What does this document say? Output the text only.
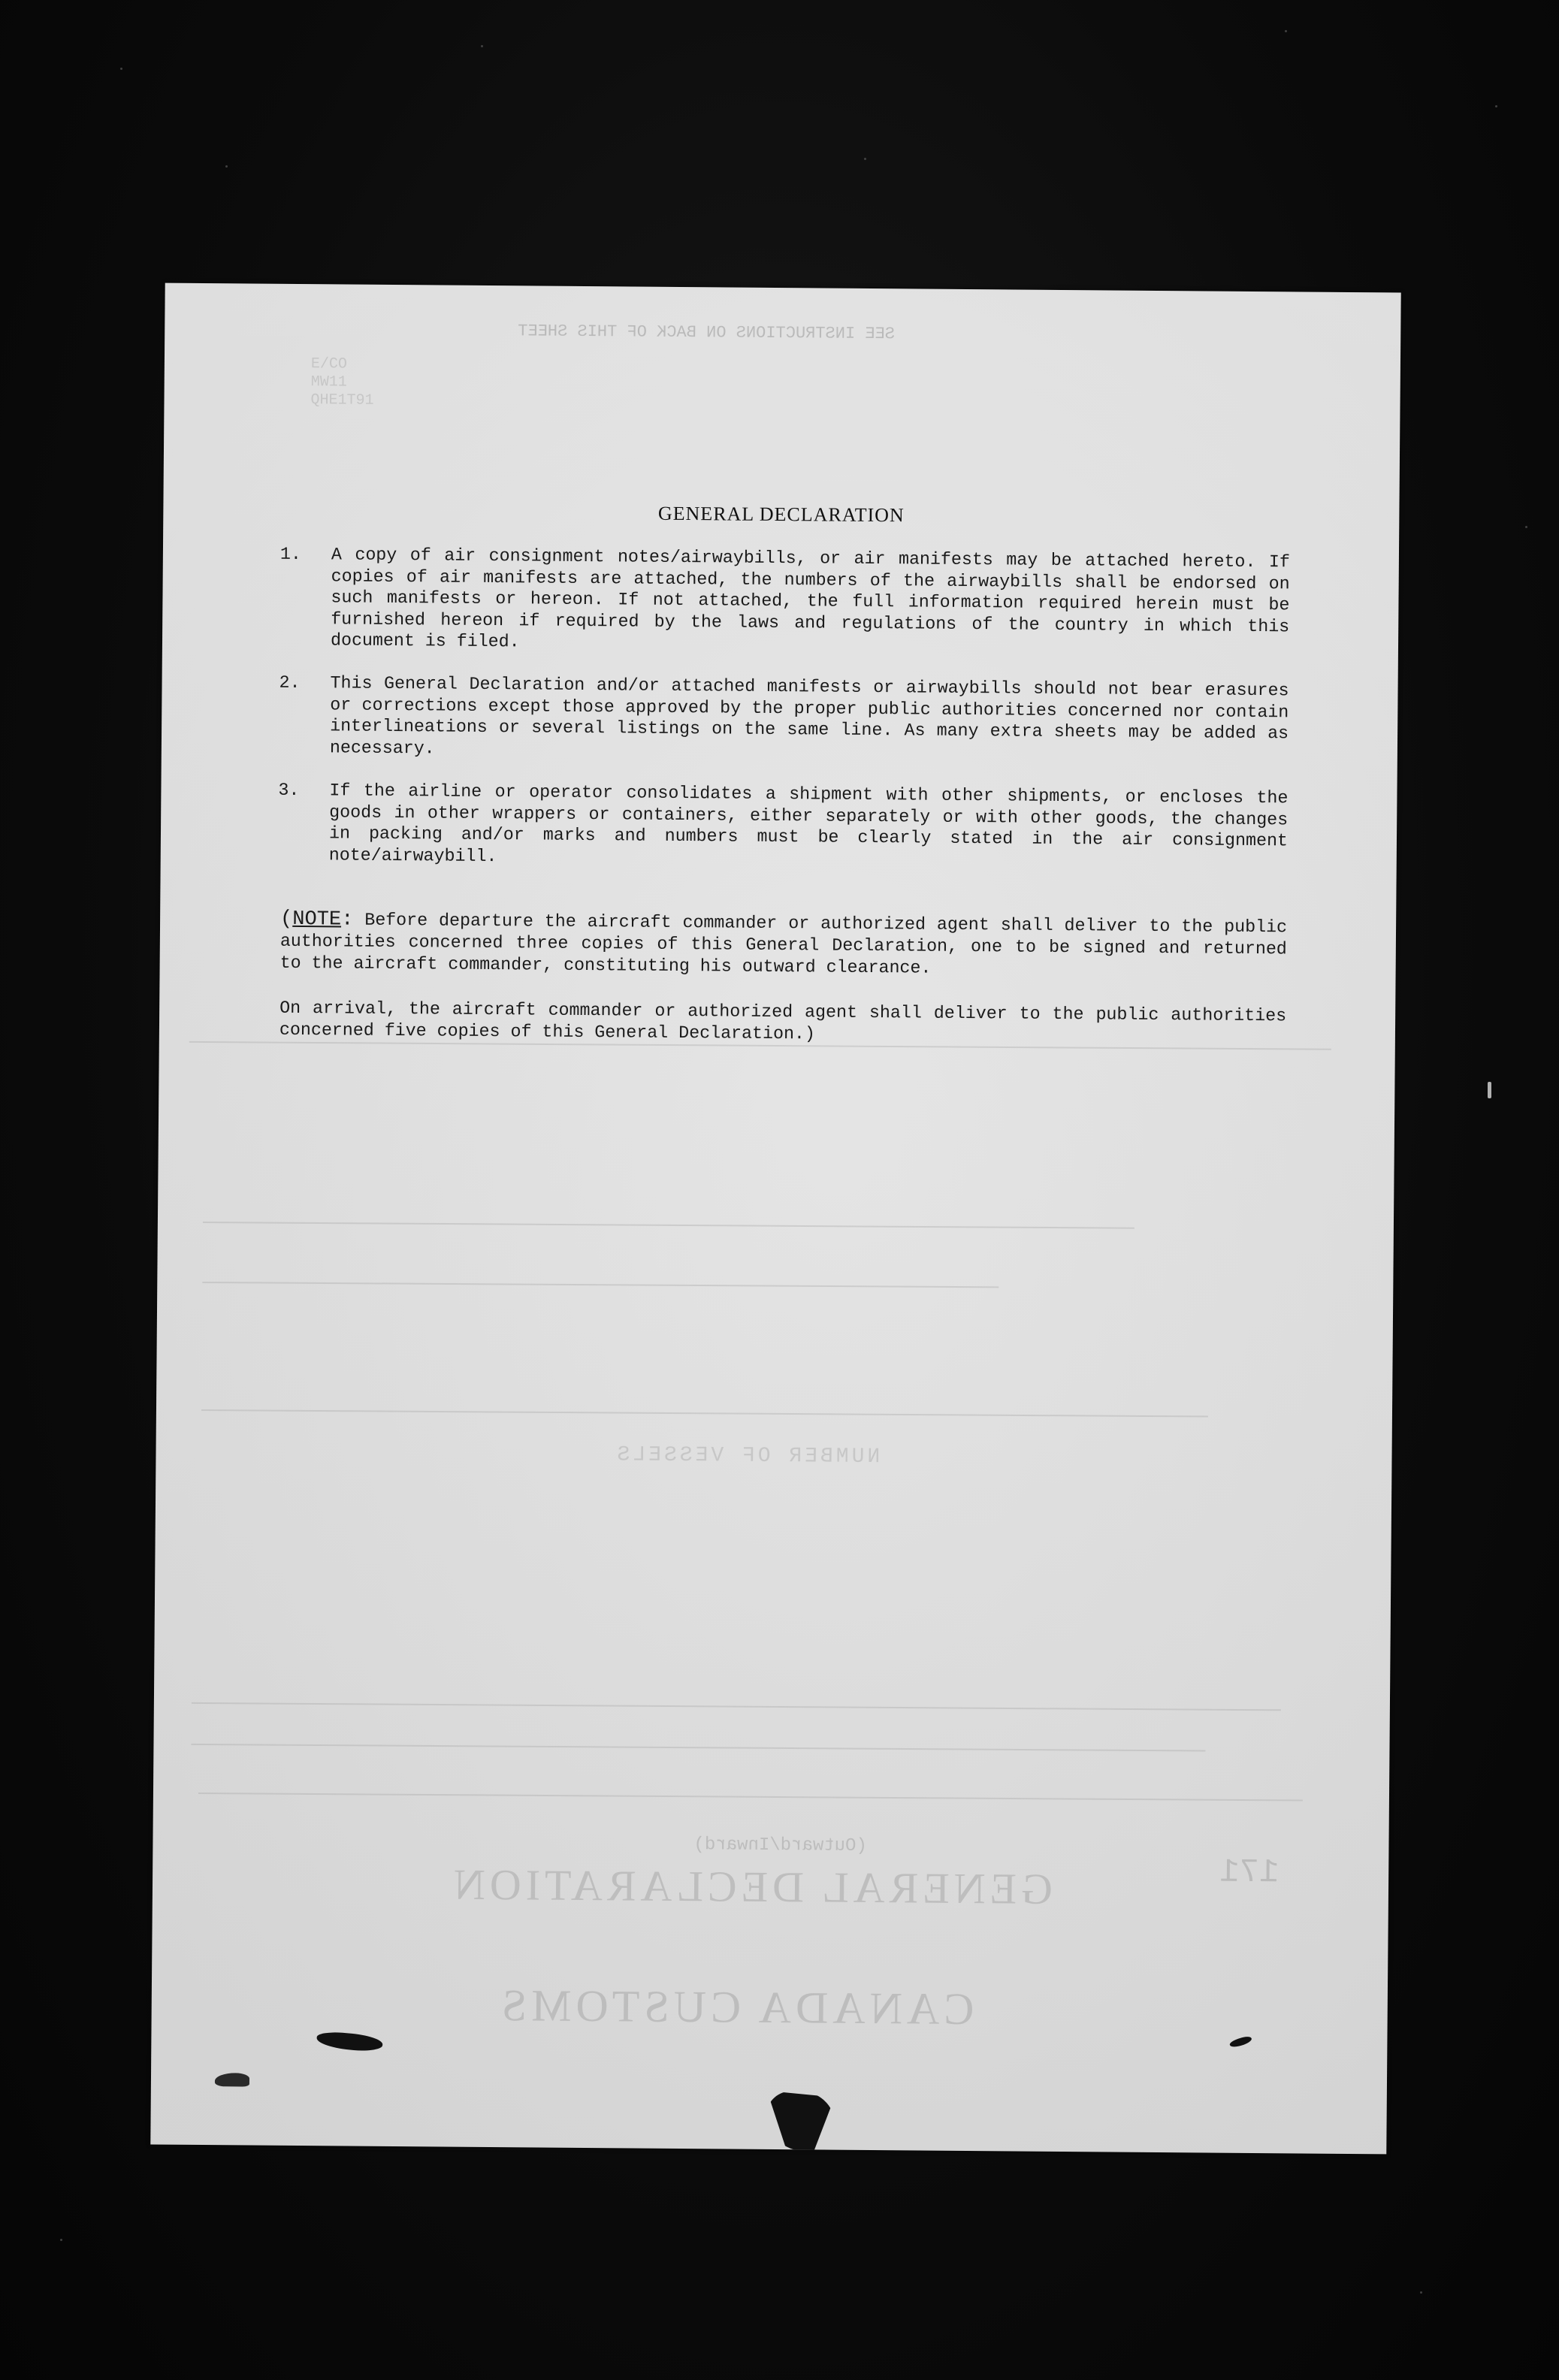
SEE INSTRUCTIONS ON BACK OF THIS SHEET
E/CO
MW11
QHE1T91
NUMBER OF VESSELS
(Outward/Inward)
GENERAL DECLARATION	171
CANADA CUSTOMS
GENERAL DECLARATION
1.	A copy of air consignment notes/airwaybills, or air manifests may be attached hereto. If copies of air manifests are attached, the numbers of the airwaybills shall be endorsed on such manifests or hereon. If not attached, the full information required herein must be furnished hereon if required by the laws and regulations of the country in which this document is filed.
2.	This General Declaration and/or attached manifests or airwaybills should not bear erasures or corrections except those approved by the proper public authorities concerned nor contain interlineations or several listings on the same line. As many extra sheets may be added as necessary.
3.	If the airline or operator consolidates a shipment with other shipments, or encloses the goods in other wrappers or containers, either separately or with other goods, the changes in packing and/or marks and numbers must be clearly stated in the air consignment note/airwaybill.
(NOTE: Before departure the aircraft commander or authorized agent shall deliver to the public authorities concerned three copies of this General Declaration, one to be signed and returned to the aircraft commander, constituting his outward clearance.
On arrival, the aircraft commander or authorized agent shall deliver to the public authorities concerned five copies of this General Declaration.)
